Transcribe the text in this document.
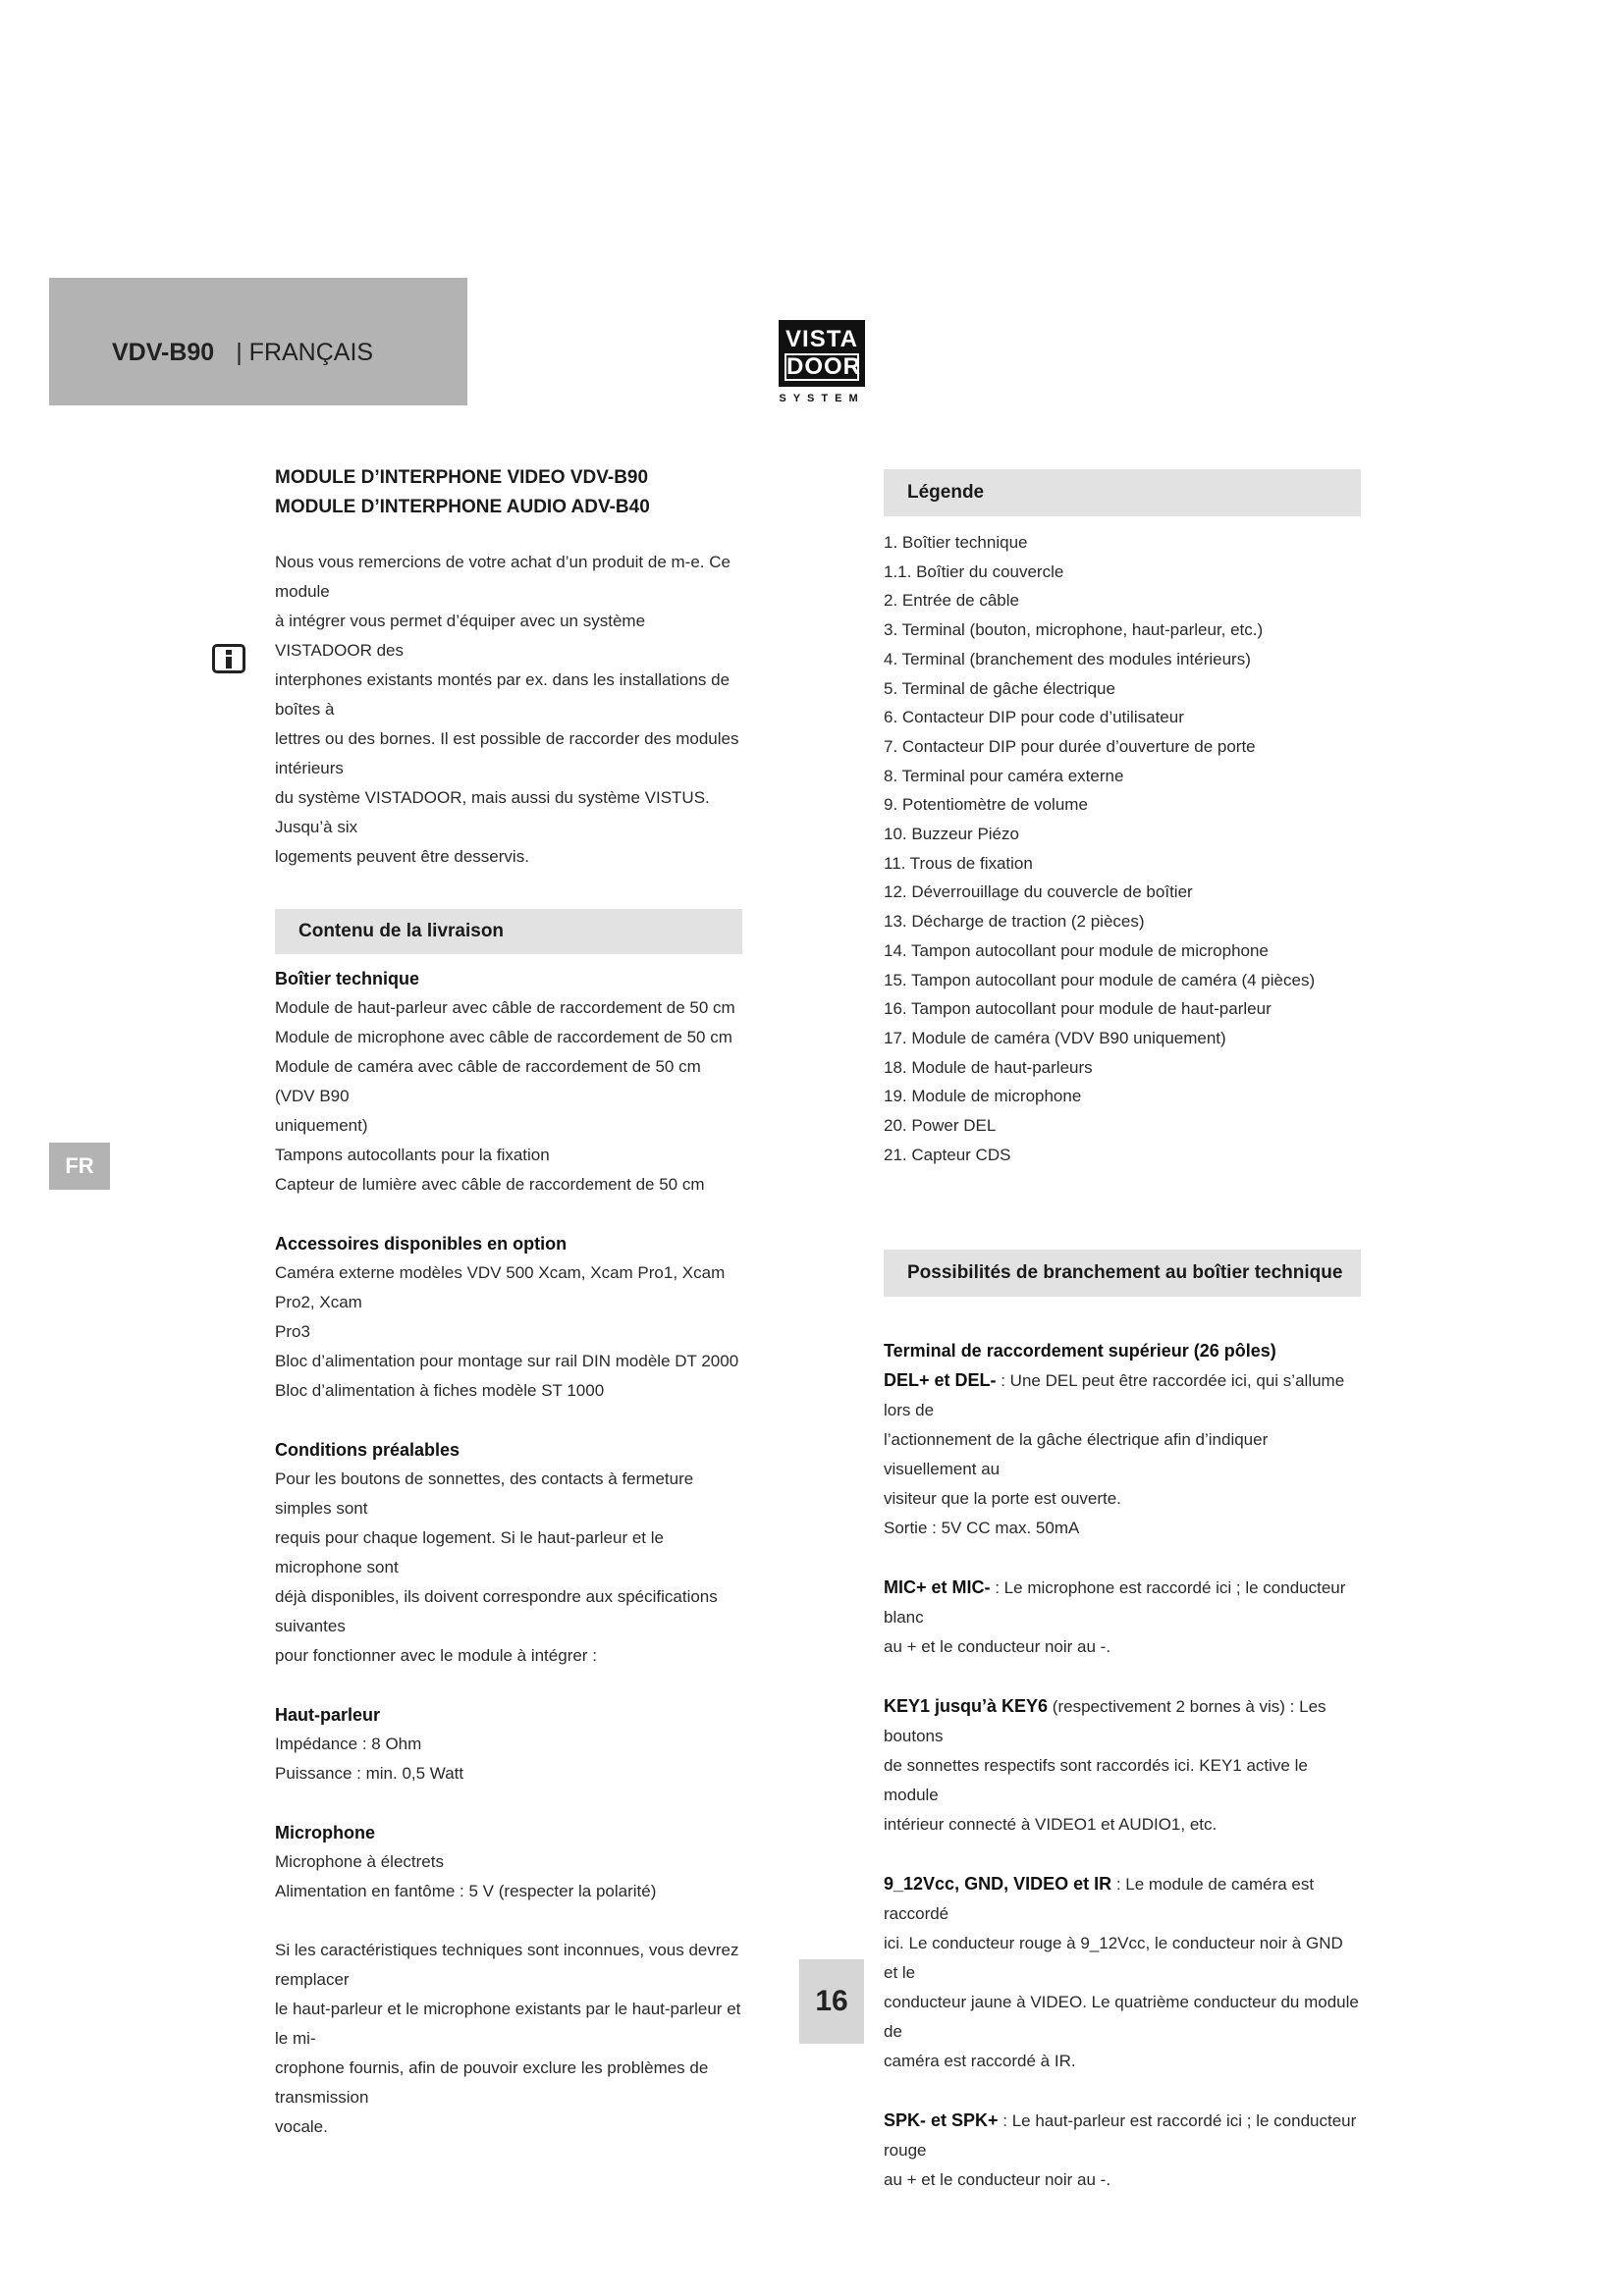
VDV-B90 | FRANÇAIS	VISTA
DOOR
SYSTEM
FR
MODULE D’INTERPHONE VIDEO VDV-B90
MODULE D’INTERPHONE AUDIO ADV-B40

Nous vous remercions de votre achat d’un produit de m-e. Ce module

à intégrer vous permet d’équiper avec un système VISTADOOR des

interphones existants montés par ex. dans les installations de boîtes à

lettres ou des bornes. Il est possible de raccorder des modules intérieurs

du système VISTADOOR, mais aussi du système VISTUS. Jusqu’à six

logements peuvent être desservis.

Contenu de la livraison

Boîtier technique

Module de haut-parleur avec câble de raccordement de 50 cm

Module de microphone avec câble de raccordement de 50 cm

Module de caméra avec câble de raccordement de 50 cm (VDV B90

uniquement)

Tampons autocollants pour la fixation

Capteur de lumière avec câble de raccordement de 50 cm

Accessoires disponibles en option

Caméra externe modèles VDV 500 Xcam, Xcam Pro1, Xcam Pro2, Xcam

Pro3

Bloc d’alimentation pour montage sur rail DIN modèle DT 2000

Bloc d’alimentation à fiches modèle ST 1000

Conditions préalables

Pour les boutons de sonnettes, des contacts à fermeture simples sont

requis pour chaque logement. Si le haut-parleur et le microphone sont

déjà disponibles, ils doivent correspondre aux spécifications suivantes

pour fonctionner avec le module à intégrer :

Haut-parleur

Impédance : 8 Ohm

Puissance : min. 0,5 Watt

Microphone

Microphone à électrets

Alimentation en fantôme : 5 V (respecter la polarité)

Si les caractéristiques techniques sont inconnues, vous devrez remplacer

le haut-parleur et le microphone existants par le haut-parleur et le mi-

crophone fournis, afin de pouvoir exclure les problèmes de transmission

vocale.

Légende
1. Boîtier technique
1.1. Boîtier du couvercle
2. Entrée de câble
3. Terminal (bouton, microphone, haut-parleur, etc.)
4. Terminal (branchement des modules intérieurs)
5. Terminal de gâche électrique
6. Contacteur DIP pour code d’utilisateur
7. Contacteur DIP pour durée d’ouverture de porte
8. Terminal pour caméra externe
9. Potentiomètre de volume
10. Buzzeur Piézo
11. Trous de fixation
12. Déverrouillage du couvercle de boîtier
13. Décharge de traction (2 pièces)
14. Tampon autocollant pour module de microphone
15. Tampon autocollant pour module de caméra (4 pièces)
16. Tampon autocollant pour module de haut-parleur
17. Module de caméra (VDV B90 uniquement)
18. Module de haut-parleurs
19. Module de microphone
20. Power DEL
21. Capteur CDS
Possibilités de branchement au boîtier technique

Terminal de raccordement supérieur (26 pôles)

DEL+ et DEL- : Une DEL peut être raccordée ici, qui s’allume lors de

l’actionnement de la gâche électrique afin d’indiquer visuellement au

visiteur que la porte est ouverte.

Sortie : 5V CC max. 50mA

MIC+ et MIC- : Le microphone est raccordé ici ; le conducteur blanc

au + et le conducteur noir au -.

KEY1 jusqu’à KEY6 (respectivement 2 bornes à vis) : Les boutons

de sonnettes respectifs sont raccordés ici. KEY1 active le module

intérieur connecté à VIDEO1 et AUDIO1, etc.

9_12Vcc, GND, VIDEO et IR : Le module de caméra est raccordé

ici. Le conducteur rouge à 9_12Vcc, le conducteur noir à GND et le

conducteur jaune à VIDEO. Le quatrième conducteur du module de

caméra est raccordé à IR.

SPK- et SPK+ : Le haut-parleur est raccordé ici ; le conducteur rouge

au + et le conducteur noir au -.

16
